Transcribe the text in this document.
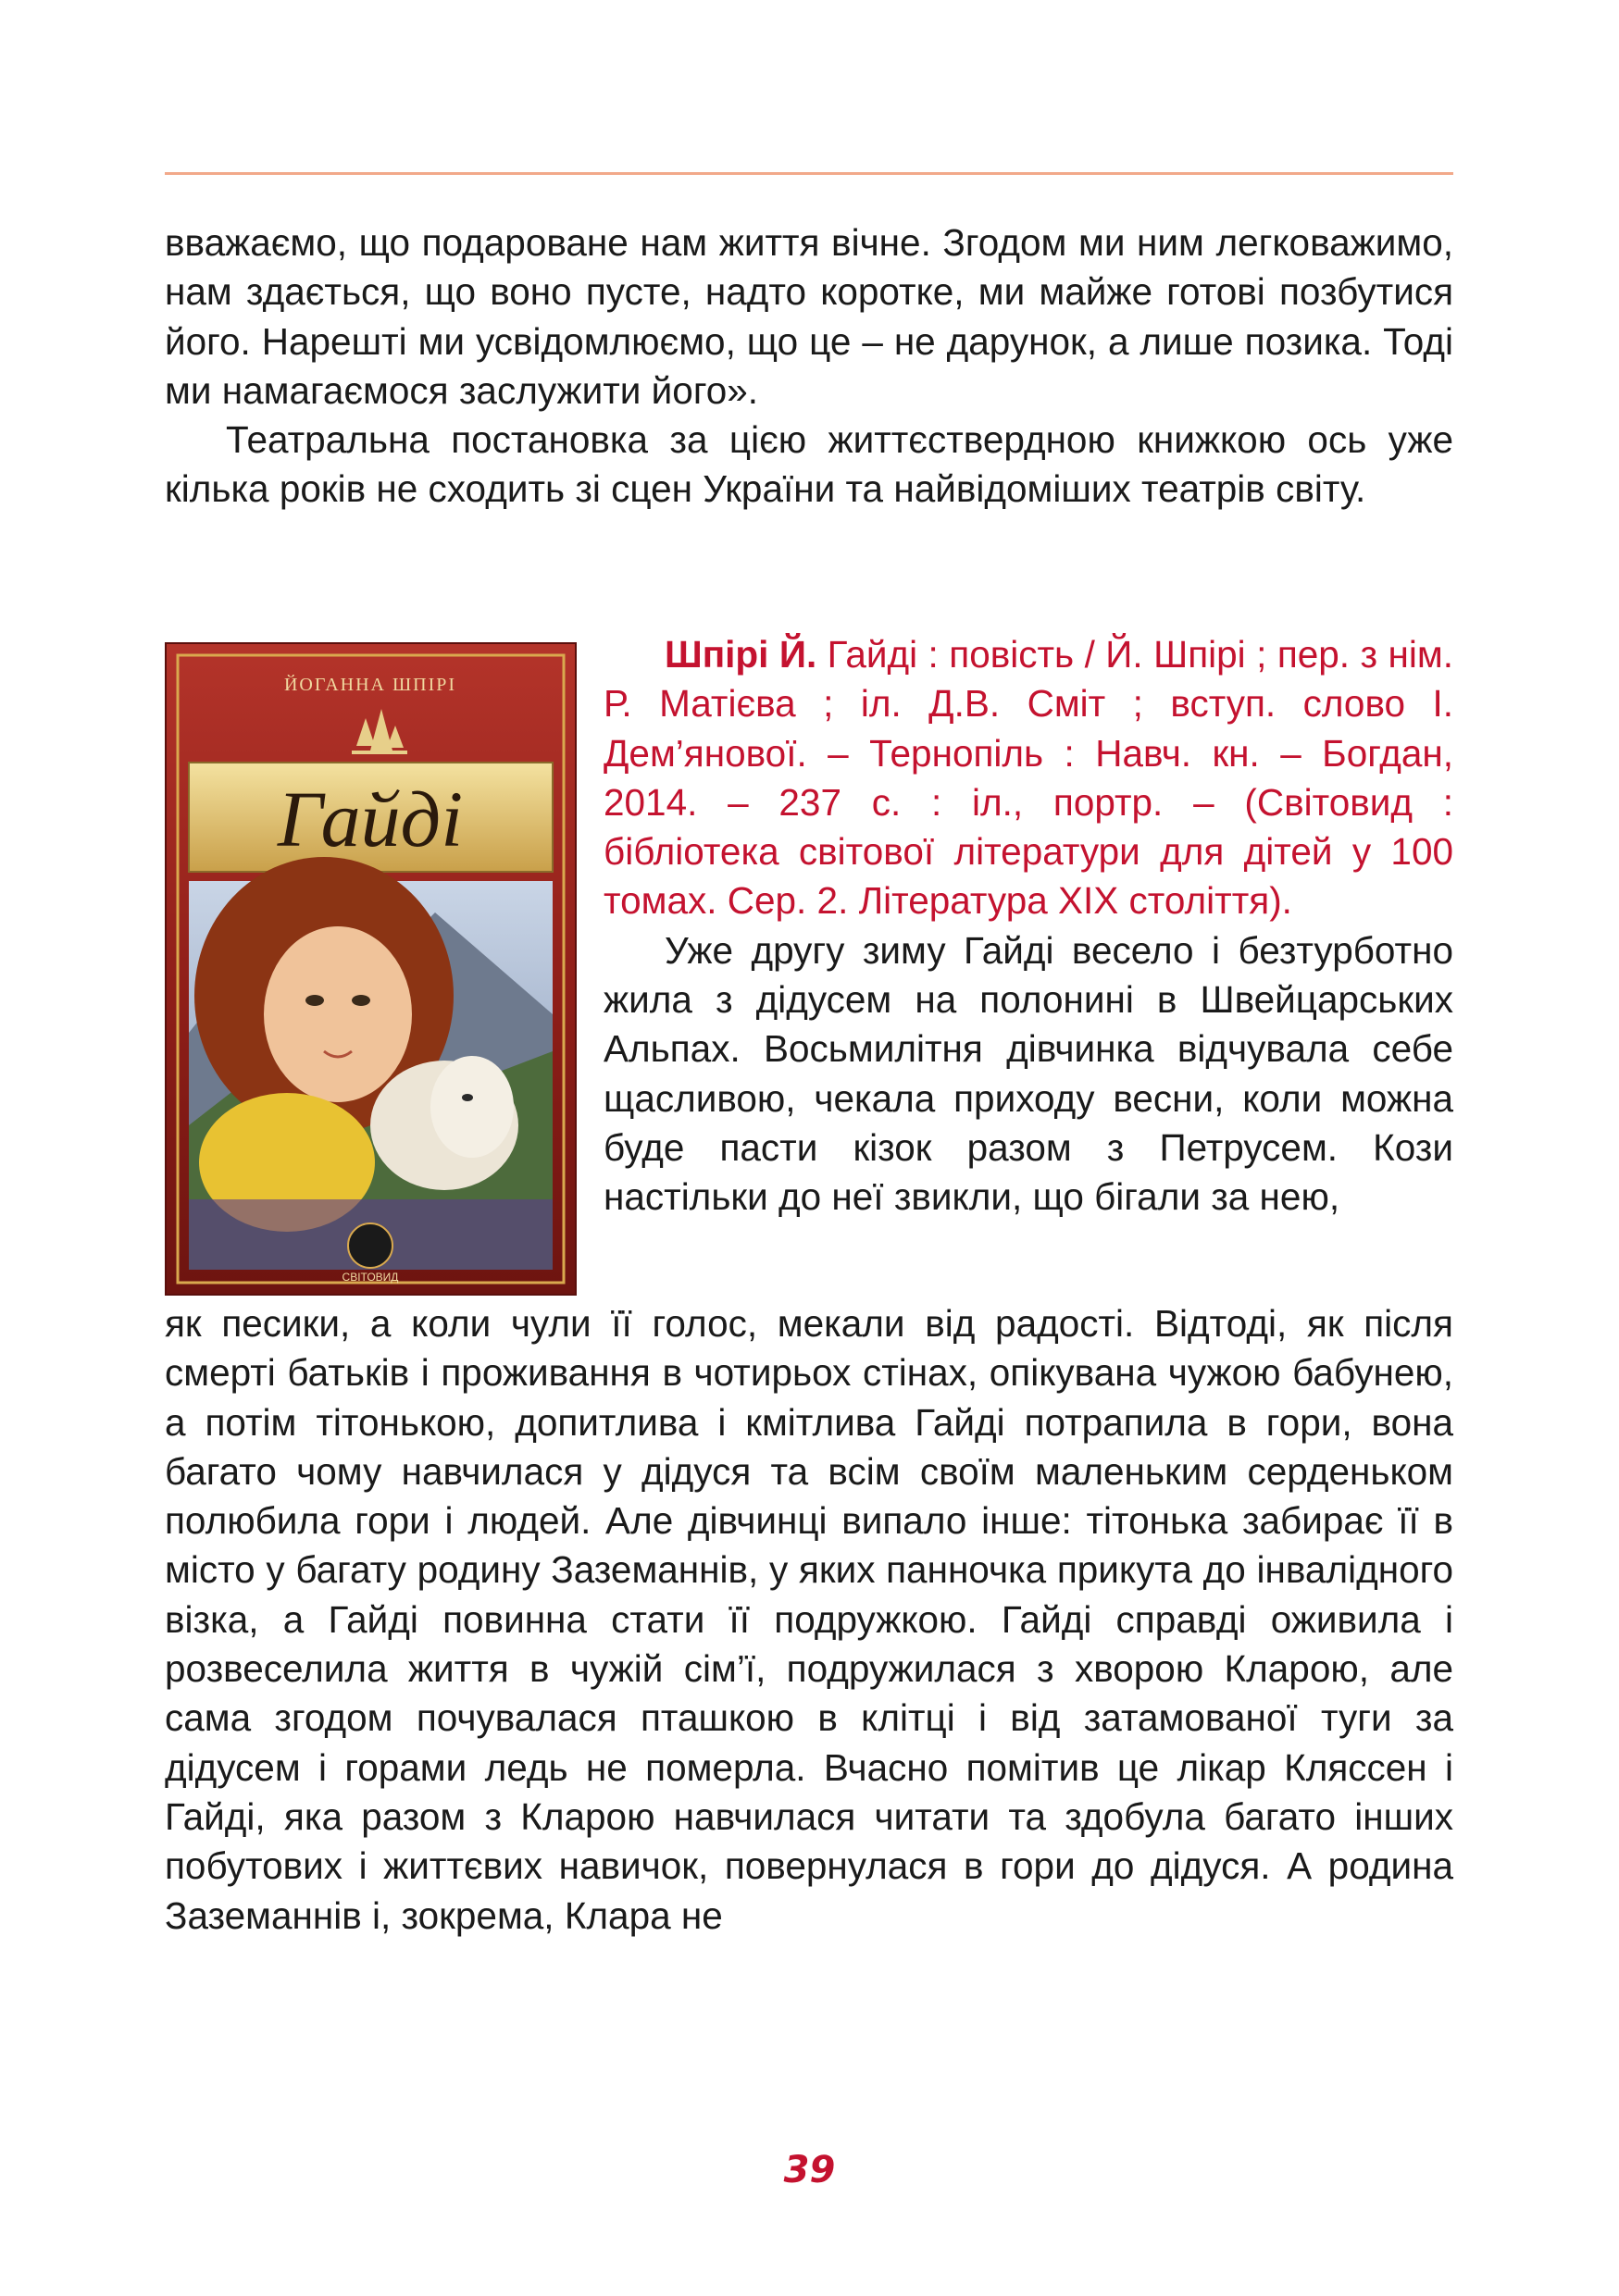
вважаємо, що подароване нам життя вічне. Згодом ми ним легковажимо, нам здається, що воно пусте, надто коротке, ми майже готові позбутися його. Нарешті ми усвідомлюємо, що це – не дарунок, а лише позика. Тоді ми намагаємося заслужити його».

Театральна постановка за цією життєствердною книжкою ось уже кілька років не сходить зі сцен України та найвідоміших театрів світу.

ЙОГАННА ШПІРІ
Гайді
СВІТОВИД

Шпірі Й. Гайді : повість / Й. Шпірі ; пер. з нім. Р. Матієва ; іл. Д.В. Сміт ; вступ. слово І. Дем’янової. – Тернопіль : Навч. кн. – Богдан, 2014. – 237 с. : іл., портр. – (Світовид : бібліотека світової літератури для дітей у 100 томах. Сер. 2. Література ХІХ століття).

Уже другу зиму Гайді весело і безтурботно жила з дідусем на полонині в Швейцарських Альпах. Восьмилітня дівчинка відчувала себе щасливою, чекала приходу весни, коли можна буде пасти кізок разом з Петрусем. Кози настільки до неї звикли, що бігали за нею,

як песики, а коли чули її голос, мекали від радості. Відтоді, як після смерті батьків і проживання в чотирьох стінах, опікувана чужою бабунею, а потім тітонькою, допитлива і кмітлива Гайді потрапила в гори, вона багато чому навчилася у дідуся та всім своїм маленьким серденьком полюбила гори і людей. Але дівчинці випало інше: тітонька забирає її в місто у багату родину Заземаннів, у яких панночка прикута до інвалідного візка, а Гайді повинна стати її подружкою. Гайді справді оживила і розвеселила життя в чужій сім’ї, подружилася з хворою Кларою, але сама згодом почувалася пташкою в клітці і від затамованої туги за дідусем і горами ледь не померла. Вчасно помітив це лікар Кляссен і Гайді, яка разом з Кларою навчилася читати та здобула багато інших побутових і життєвих навичок, повернулася в гори до дідуся. А родина Заземаннів і, зокрема, Клара не

39
